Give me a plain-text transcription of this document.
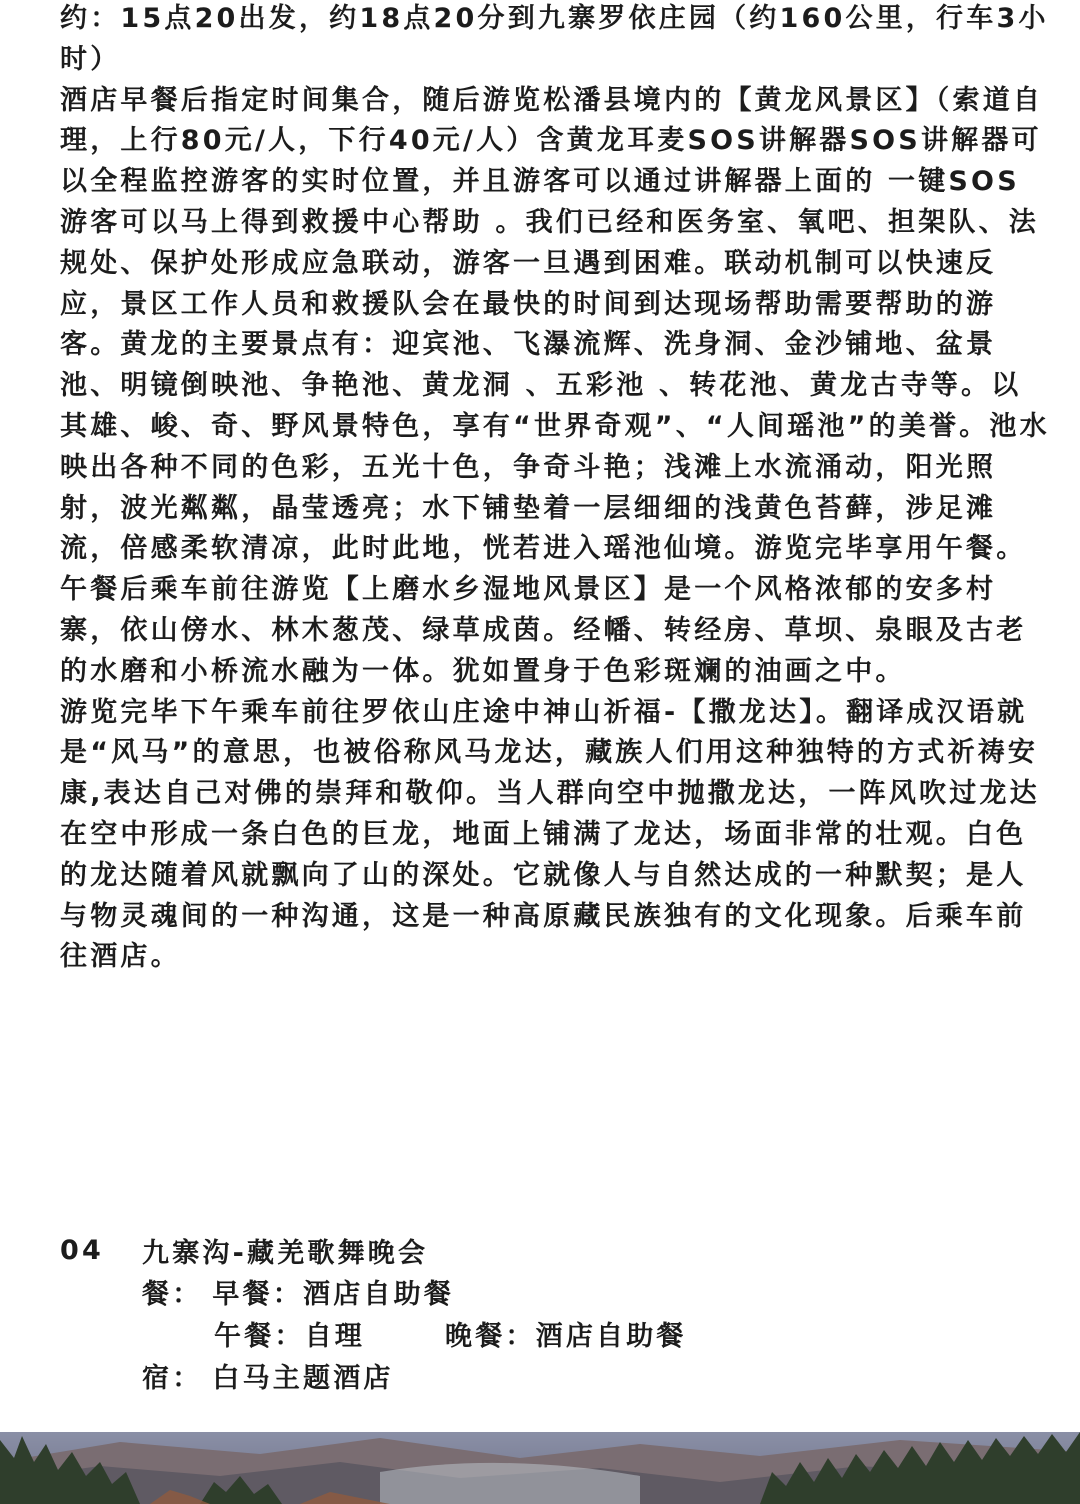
约：15点20出发，约18点20分到九寨罗依庄园（约160公里，行车3小时）

酒店早餐后指定时间集合，随后游览松潘县境内的【黄龙风景区】（索道自理，上行80元/人，下行40元/人）含黄龙耳麦SOS讲解器SOS讲解器可以全程监控游客的实时位置，并且游客可以通过讲解器上面的 一键SOS游客可以马上得到救援中心帮助 。我们已经和医务室、氧吧、担架队、法规处、保护处形成应急联动，游客一旦遇到困难。联动机制可以快速反应，景区工作人员和救援队会在最快的时间到达现场帮助需要帮助的游客。黄龙的主要景点有：迎宾池、飞瀑流辉、洗身洞、金沙铺地、盆景池、明镜倒映池、争艳池、黄龙洞 、五彩池 、转花池、黄龙古寺等。以其雄、峻、奇、野风景特色，享有“世界奇观”、“人间瑶池”的美誉。池水映出各种不同的色彩，五光十色，争奇斗艳；浅滩上水流涌动，阳光照射，波光粼粼，晶莹透亮；水下铺垫着一层细细的浅黄色苔藓，涉足滩流，倍感柔软清凉，此时此地，恍若进入瑶池仙境。游览完毕享用午餐。

午餐后乘车前往游览【上磨水乡湿地风景区】是一个风格浓郁的安多村寨，依山傍水、林木葱茂、绿草成茵。经幡、转经房、草坝、泉眼及古老的水磨和小桥流水融为一体。犹如置身于色彩斑斓的油画之中。

游览完毕下午乘车前往罗依山庄途中神山祈福-【撒龙达】。翻译成汉语就是“风马”的意思，也被俗称风马龙达，藏族人们用这种独特的方式祈祷安康,表达自己对佛的崇拜和敬仰。当人群向空中抛撒龙达，一阵风吹过龙达在空中形成一条白色的巨龙，地面上铺满了龙达，场面非常的壮观。白色的龙达随着风就飘向了山的深处。它就像人与自然达成的一种默契；是人与物灵魂间的一种沟通，这是一种高原藏民族独有的文化现象。后乘车前往酒店。

04	九寨沟-藏羌歌舞晚会
餐： 早餐： 酒店自助餐
午餐： 自理	晚餐： 酒店自助餐
宿： 白马主题酒店
